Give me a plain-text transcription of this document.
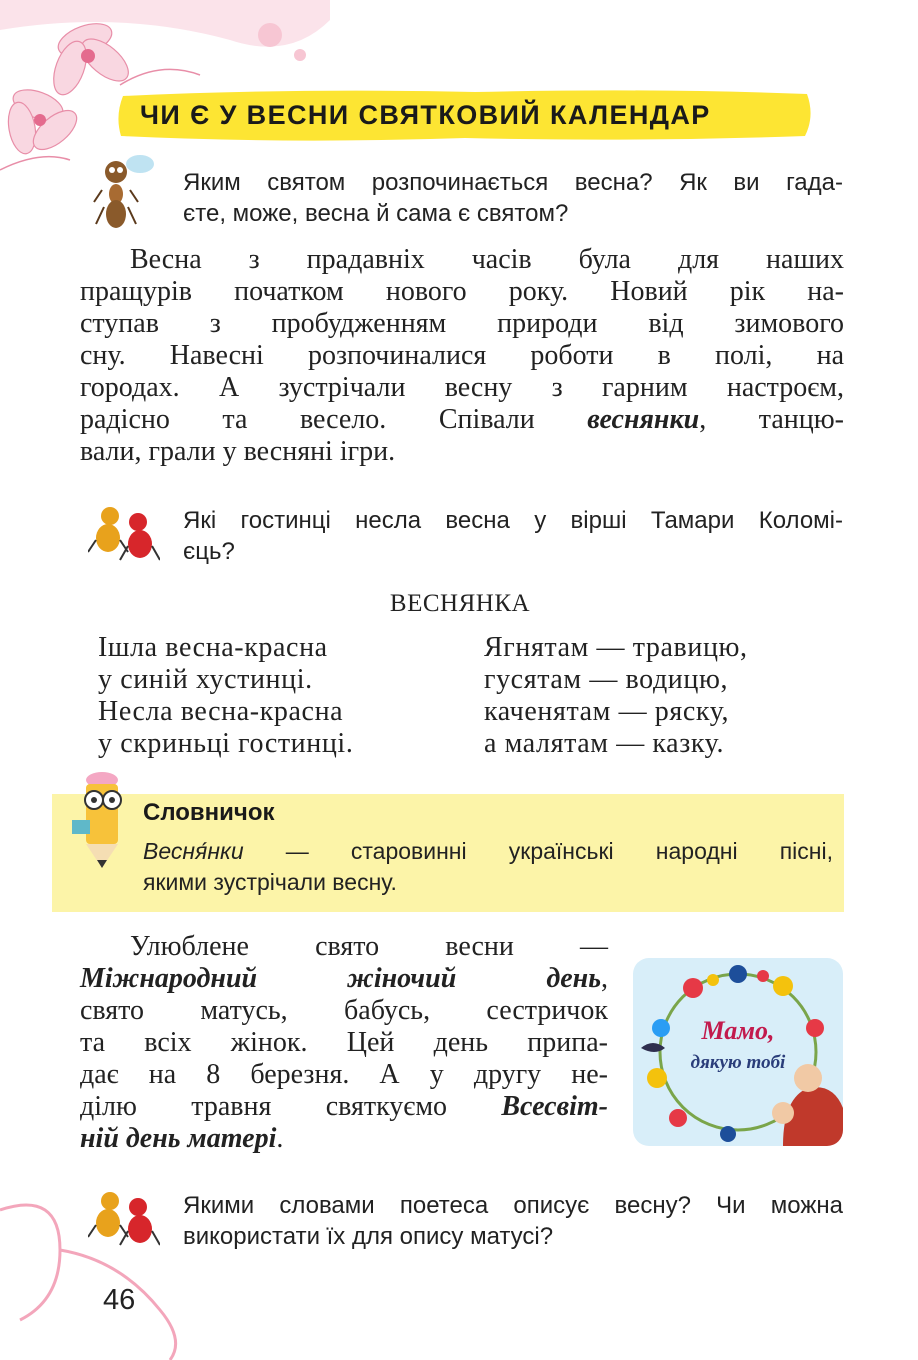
ЧИ Є У ВЕСНИ СВЯТКОВИЙ КАЛЕНДАР
Яким святом розпочинається весна? Як ви гада-
єте, може, весна й сама є святом?
Весна з прадавніх часів була для наших
пращурів початком нового року. Новий рік на-
ступав з пробудженням природи від зимового
сну. Навесні розпочиналися роботи в полі, на
городах. А зустрічали весну з гарним настроєм,
радісно та весело. Співали веснянки, танцю-
вали, грали у весняні ігри.
Які гостинці несла весна у вірші Тамари Коломі-
єць?
ВЕСНЯНКА
Ішла весна-красна
у синій хустинці.
Несла весна-красна
у скриньці гостинці.
Ягнятам — травицю,
гусятам — водицю,
каченятам — ряску,
а малятам — казку.
Словничок
Весня́нки — старовинні українські народні пісні,
якими зустрічали весну.
Улюблене свято весни —
Міжнародний жіночий день,
свято матусь, бабусь, сестричок
та всіх жінок. Цей день припа-
дає на 8 березня. А у другу не-
ділю травня святкуємо Всесвіт-
ній день матері.
Мамо,
дякую тобі
Якими словами поетеса описує весну? Чи можна
використати їх для опису матусі?
46
